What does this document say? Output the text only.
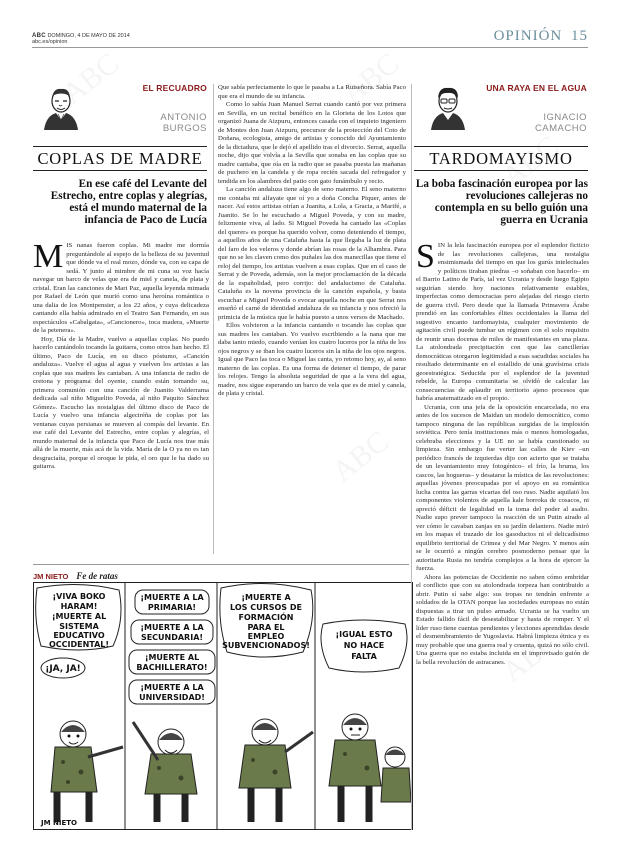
ABC DOMINGO, 4 DE MAYO DE 2014
abc.es/opinion	OPINIÓN 15
EL RECUADRO
ANTONIO
BURGOS
COPLAS DE MADRE
En ese café del Levante del Estrecho, entre coplas y alegrías, está el mundo maternal de la infancia de Paco de Lucía

MIS nanas fueron coplas. Mi madre me dormía preguntándole al espejo de la belleza de su juventud que dónde va el real mozo, dónde va, con su capa de sedá. Y junto al mimbre de mi cuna su voz hacía navegar un barco de velas que era de miel y canela, de plata y cristal. Eran las canciones de Mari Paz, aquella leyenda mimada por Rafael de León que murió como una heroína romántica o una dalia de los Montpensier, a los 22 años, y cuya delicadeza cantando ella había admirado en el Teatro San Fernando, en sus espectáculos «Cabalgata», «Cancionero», toca madera, «Muerte de la petenera».

Hoy, Día de la Madre, vuelvo a aquellas coplas. No puedo hacerlo cantándolo tocando la guitarra, como otros han hecho. El último, Paco de Lucía, en su disco póstumo, «Canción andaluza». Vuelve el agua al agua y vuelven los artistas a las coplas que sus madres les cantaban. A una infancia de radio de cretona y programa del oyente, cuando están tomando su, primera comunión con una canción de Juanito Valderrama dedicada «al niño Miguelito Poveda, al niño Paquito Sánchez Gómez». Escucho las nostalgias del último disco de Paco de Lucía y vuelvo una infancia algeciréña de coplas por las ventanas cuyas persianas se mueven al compás del levante. En ese café del Levante del Estrecho, entre coplas y alegrías, el mundo maternal de la infancia que Paco de Lucía nos trae más allá de la muerte, más acá de la vida. María de la O ya no es tan desgraciaíta, porque el oroque le pida, el oro que le ha dado su guitarra.

Que sabía perfectamente lo que le pasaba a La Ruiseñora. Sabía Paco que era el mundo de su infancia.

Como lo sabía Juan Manuel Serrat cuando cantó por vez primera en Sevilla, en un recital benéfico en la Glorieta de los Lotos que organizó Juana de Aizpuru, entonces casada con el inquieto ingeniero de Montes don Juan Aizpuru, precursor de la protección del Coto de Doñana, ecologista, amigo de artistas y conocido del Ayuntamiento de la dictadura, que le dejó el apellido tras el divorcio. Serrat, aquella noche, dijo que volvía a la Sevilla que sonaba en las coplas que su madre cantaba, que oía en la radio que se pasaba puesta las mañanas de puchero en la candela y de ropa recién sacada del refregador y tendida en los alambres del patio con gato funámbulo y recio.

La canción andaluza tiene algo de seno materno. El seno materno me contaba mi alfayate que oí yo a doña Concha Piquer, antes de nacer. Así estos artistas oirían a Juanita, a Lola, a Gracia, a Marifé, a Juanito. Se lo he escuchado a Miguel Poveda, y con su madre, felizmente viva, al lado. Si Miguel Poveda ha cantado las «Coplas del querer» es porque ha querido volver, como deteniendo el tiempo, a aquellos años de una Cataluña hasta la que llegaba la luz de plata del faro de los veleros y donde abrían las rosas de la Alhambra. Para que no se les claven como dos puñales las dos manecillas que tiene el reloj del tiempo, los artistas vuelven a esas coplas. Que en el caso de Serrat y de Poveda, además, son la mejor proclamación de la década de la españolidad, pero corrijo: del andalucismo de Cataluña. Cataluña es la novena provincia de la canción española, y basta escuchar a Miguel Poveda o evocar aquella noche en que Serrat nos enseñó el carné de identidad andaluza de su infancia y nos ofreció la primicia de la música que le había puesto a unos versos de Machado.

Ellos volvieron a la infancia cantando o tocando las coplas que sus madres les cantaban. Yo vuelvo escribiendo a la nana que me daba tanto miedo, cuando venían los cuatro luceros por la niña de los ojos negros y se iban los cuatro luceros sin la niña de los ojos negros. Igual que Paco las toca o Miguel las canta, yo retomo hoy, ay, al seno materno de las coplas. Es una forma de detener el tiempo, de parar los relojes. Tengo la absoluta seguridad de que a la vera del agua, madre, nos sigue esperando un barco de vela que es de miel y canela, de plata y cristal.

JM NIETO Fe de ratas
¡VIVA BOKO
HARAM!
¡MUERTE AL
SISTEMA
EDUCATIVO
OCCIDENTAL!
¡JA, JA!
JM NIETO
¡MUERTE A LA
PRIMARIA!
¡MUERTE A LA
SECUNDARIA!
¡MUERTE AL
BACHILLERATO!
¡MUERTE A LA
UNIVERSIDAD!
¡MUERTE A
LOS CURSOS DE
FORMACIÓN
PARA EL
EMPLEO
SUBVENCIONADOS!
¡IGUAL ESTO
NO HACE
FALTA
UNA RAYA EN EL AGUA
IGNACIO
CAMACHO
TARDOMAYISMO
La boba fascinación europea por las revoluciones callejeras no contempla en su bello guión una guerra en Ucrania

SIN la lela fascinación europea por el esplendor ficticio de las revoluciones callejeras, una nostalgia ensimismada del tiempo en que los gurús intelectuales y políticos tiraban piedras –o soñaban con hacerlo– en el Barrio Latino de París, tal vez Ucrania y desde luego Egipto seguirían siendo hoy naciones relativamente estables, imperfectas como democracias pero alejadas del riesgo cierto de guerra civil. Pero desde que la llamada Primavera Árabe prendió en las confortables élites occidentales la llama del sugestivo encanto tardomayista, cualquier movimiento de agitación civil puede tumbar un régimen con el solo requisito de reunir unas docenas de miles de manifestantes en una plaza. La atolondrada precipitación con que las cancillerías democráticas otorgaron legitimidad a esas sacudidas sociales ha resultado determinante en el estallido de una gravísima crisis geoestratégica. Seducida por el esplendor de la juventud rebelde, la Europa comunitaria se olvidó de calcular las consecuencias de aplaudir en territorio ajeno procesos que habría anatematizado en el propio.

Ucrania, con una jefa de la oposición encarcelada, no era antes de los sucesos de Maidan un modelo democrático, como tampoco ninguna de las repúblicas surgidas de la implosión soviética. Pero tenía instituciones más o menos homologadas, celebraba elecciones y la UE no se había cuestionado su limpieza. Sin embargo fue verter las calles de Kiev –un periódico francés de izquierdas dijo con acierto que se trataba de un levantamiento muy fotogénico– el frío, la bruma, los cascos, las hogueras– y desatarse la mística de las revoluciones: aquellas jóvenes preocupadas por el apoyo en su romántica lucha contra las garras vicarias del oso ruso. Nadie aquilató los componentes violentos de aquella kale borroka de cosacos, ni apreció déficit de legalidad en la toma del poder al asalto. Nadie supo prever tampoco la reacción de un Putin airado al ver cómo le cavaban zanjas en su jardín delantero. Nadie miró en los mapas el trazado de los gasoductos ni el delicadísimo equilibrio territorial de Crimea y del Mar Negro. Y menos aún se le ocurrió a ningún cerebro posmoderno pensar que la autoritaria Rusia no tendría complejos a la hora de ejercer la fuerza.

Ahora las potencias de Occidente no saben cómo embridar el conflicto que con su atolondrada torpeza han contribuido a abrir. Putin sí sabe algo: sus tropas no tendrán enfrente a soldados de la OTAN porque las sociedades europeas no están dispuestas a tirar un pulso armado. Ucrania se ha vuelto un Estado fallido fácil de desestabilizar y hasta de romper. Y el líder ruso tiene cuentas pendientes y lecciones aprendidas desde el desmembramiento de Yugoslavia. Habrá limpieza étnica y es muy probable que una guerra real y cruenta, quizá no sólo civil. Una guerra que no estaba incluida en el improvisado guión de la bella revolución de astracanes.
